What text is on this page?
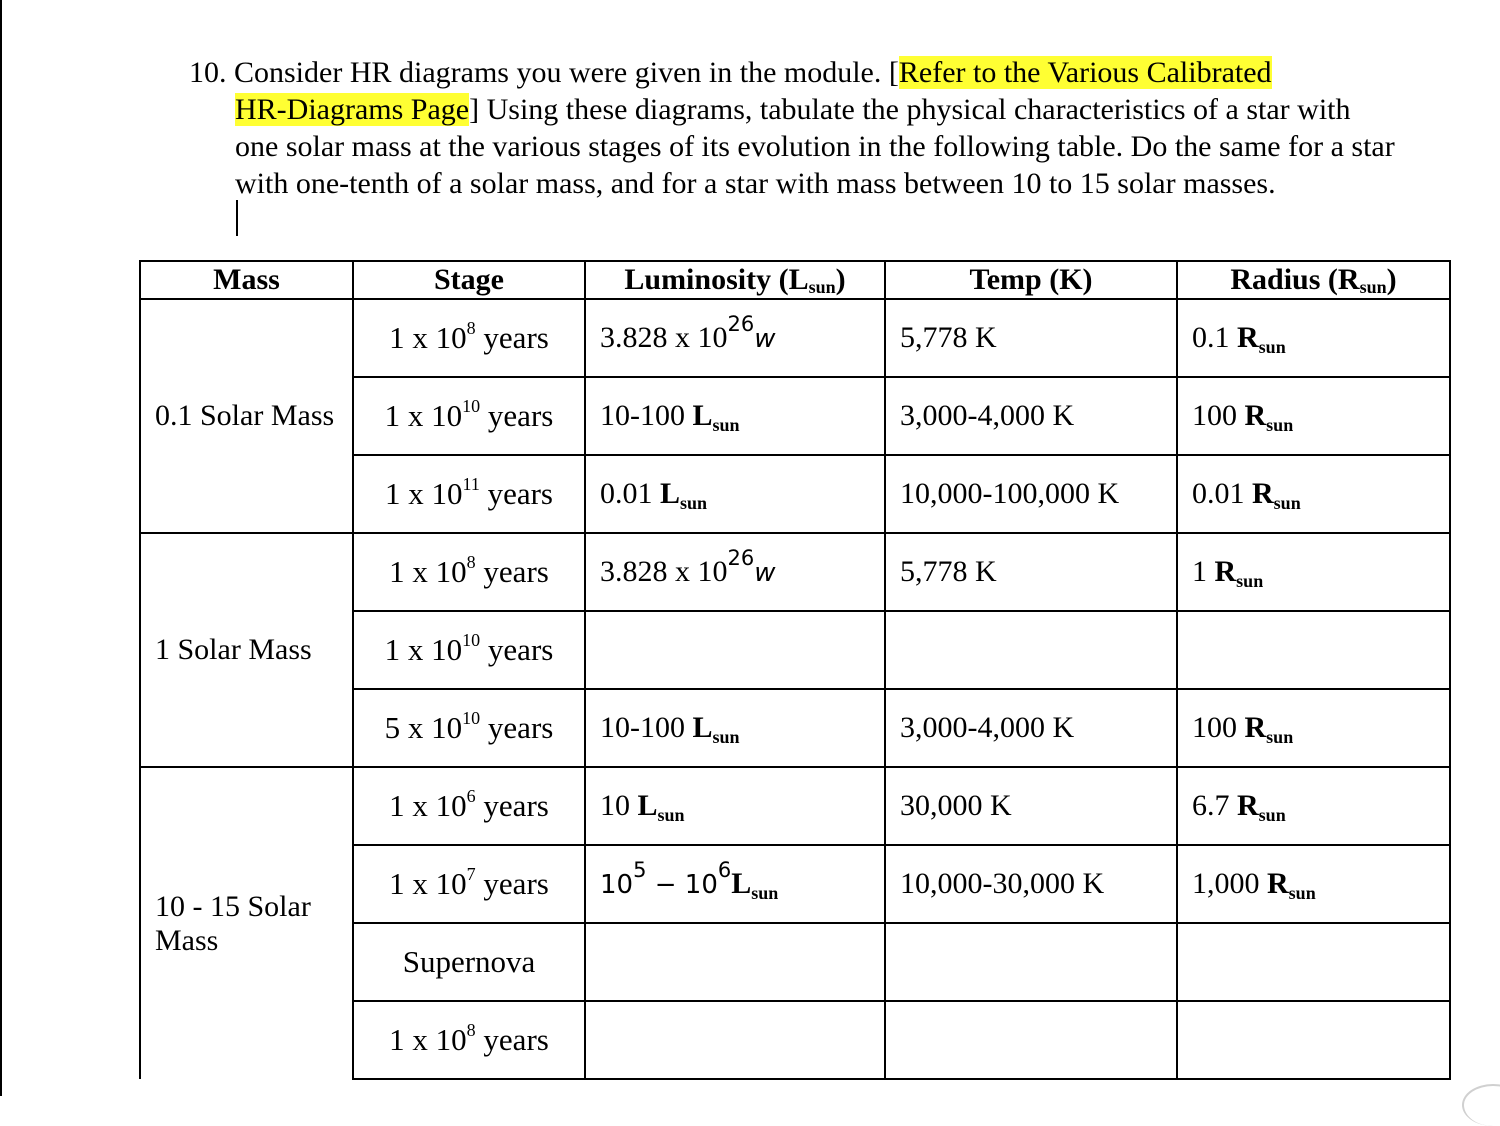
10. Consider HR diagrams you were given in the module. [Refer to the Various Calibrated
HR-Diagrams Page] Using these diagrams, tabulate the physical characteristics of a star with
one solar mass at the various stages of its evolution in the following table. Do the same for a star
with one-tenth of a solar mass, and for a star with mass between 10 to 15 solar masses.
Mass	Stage	Luminosity (Lsun)	Temp (K)	Radius (Rsun)
0.1 Solar Mass	1 x $10^8$ years	3.828 x $10^{26}w$	5,778 K	0.1 $R_{sun}$
	1 x $10^{10}$ years	10-100 $L_{sun}$	3,000-4,000 K	100 $R_{sun}$
	1 x $10^{11}$ years	0.01 $L_{sun}$	10,000-100,000 K	0.01 $R_{sun}$
1 Solar Mass	1 x $10^8$ years	3.828 x $10^{26}w$	5,778 K	1 $R_{sun}$
	1 x $10^{10}$ years			
	5 x $10^{10}$ years	10-100 $L_{sun}$	3,000-4,000 K	100 $R_{sun}$

10 - 15 Solar
Mass	1 x $10^6$ years	10 $L_{sun}$	30,000 K	6.7 $R_{sun}$
	1 x $10^7$ years	$10^5 - 10^6L_{sun}$	10,000-30,000 K	1,000 $R_{sun}$
	Supernova			
	1 x $10^8$ years			
